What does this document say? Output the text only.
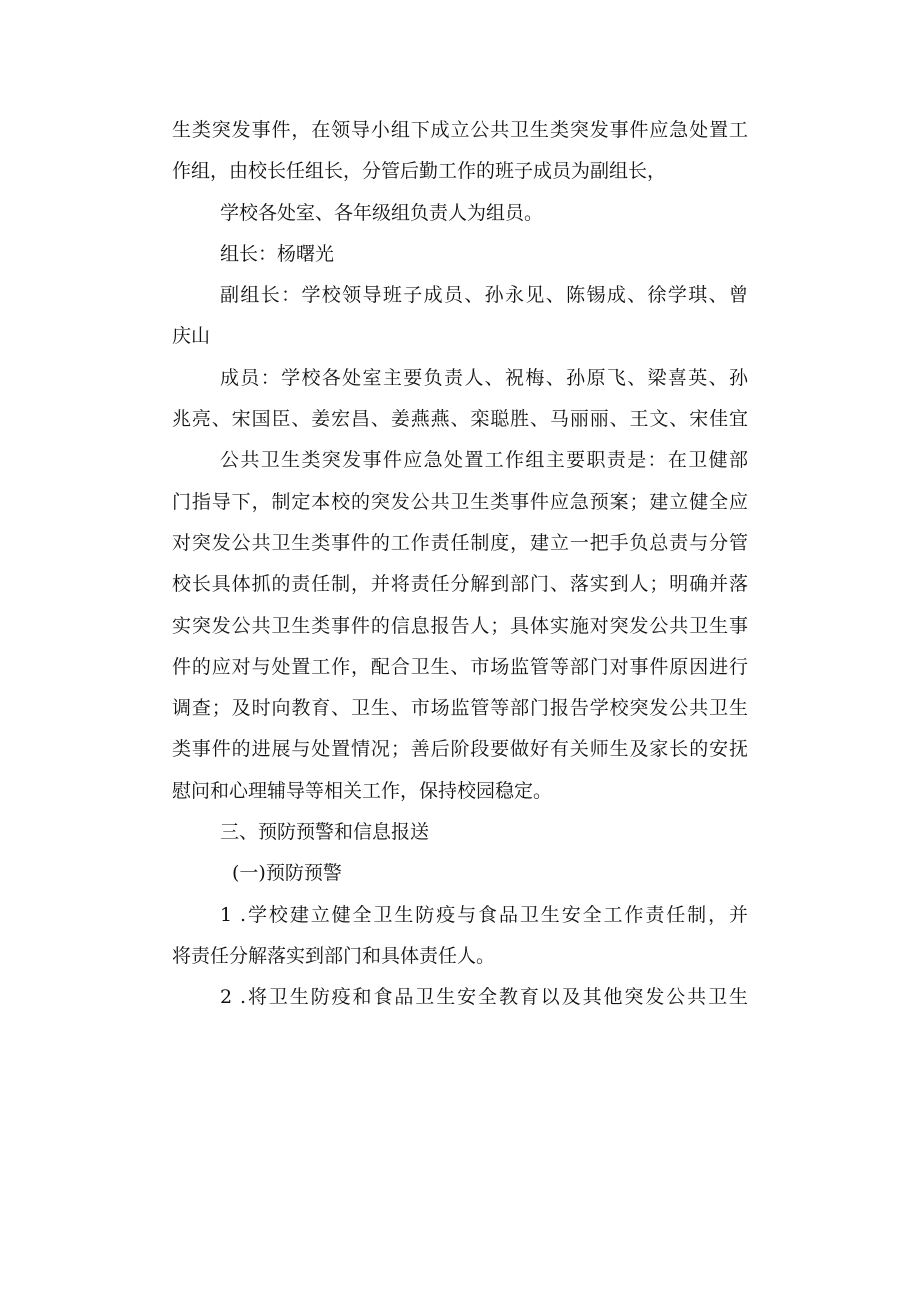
生类突发事件，在领导小组下成立公共卫生类突发事件应急处置工
作组，由校长任组长，分管后勤工作的班子成员为副组长，
学校各处室、各年级组负责人为组员。
组长：杨曙光
副组长：学校领导班子成员、孙永见、陈锡成、徐学琪、曾
庆山
成员：学校各处室主要负责人、祝梅、孙原飞、梁喜英、孙
兆亮、宋国臣、姜宏昌、姜燕燕、栾聪胜、马丽丽、王文、宋佳宜
公共卫生类突发事件应急处置工作组主要职责是：在卫健部
门指导下，制定本校的突发公共卫生类事件应急预案；建立健全应
对突发公共卫生类事件的工作责任制度，建立一把手负总责与分管
校长具体抓的责任制，并将责任分解到部门、落实到人；明确并落
实突发公共卫生类事件的信息报告人；具体实施对突发公共卫生事
件的应对与处置工作，配合卫生、市场监管等部门对事件原因进行
调查；及时向教育、卫生、市场监管等部门报告学校突发公共卫生
类事件的进展与处置情况；善后阶段要做好有关师生及家长的安抚
慰问和心理辅导等相关工作，保持校园稳定。
三、预防预警和信息报送
(一)预防预警
1 .学校建立健全卫生防疫与食品卫生安全工作责任制，并
将责任分解落实到部门和具体责任人。
2 .将卫生防疫和食品卫生安全教育以及其他突发公共卫生
